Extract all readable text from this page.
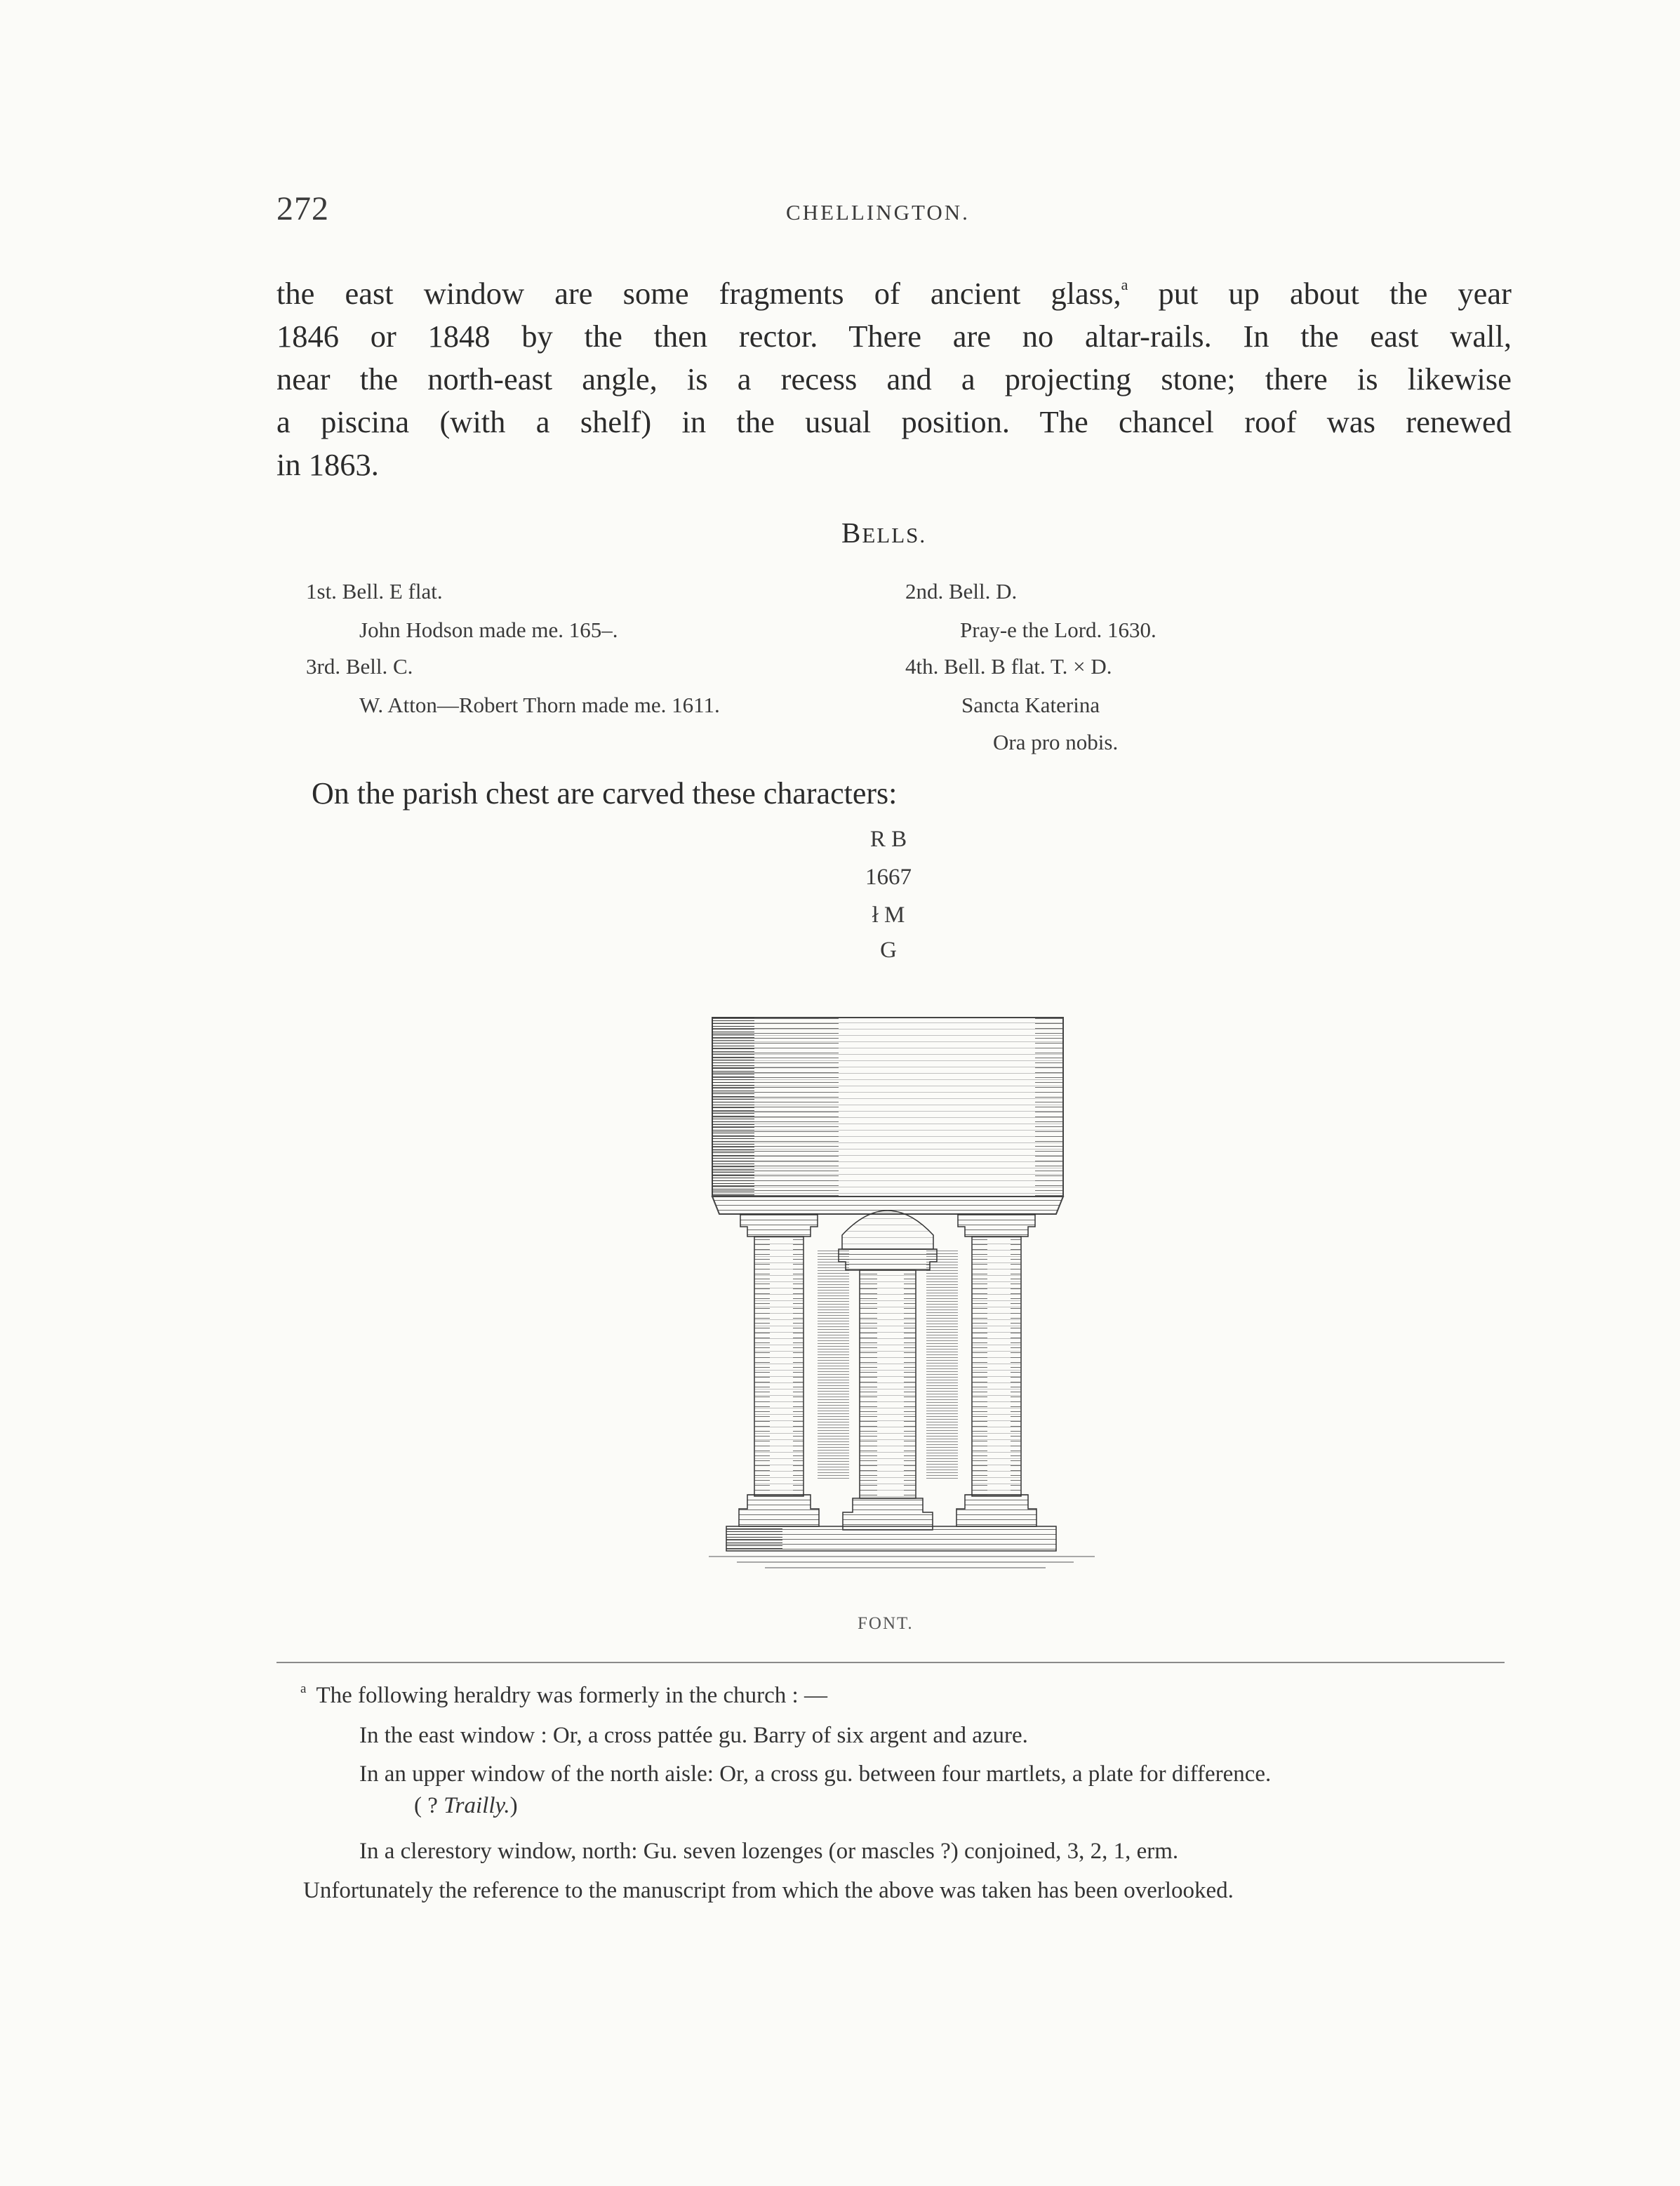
272	CHELLINGTON.
the east window are some fragments of ancient glass,$^a$ put up about the year
1846 or 1848 by the then rector. There are no altar-rails. In the east wall,
near the north-east angle, is a recess and a projecting stone; there is likewise
a piscina (with a shelf) in the usual position. The chancel roof was renewed
in 1863.
BELLS.
1st. Bell. E flat.
John Hodson made me. 165–.
3rd. Bell. C.
W. Atton—Robert Thorn made me. 1611.
2nd. Bell. D.
Pray-e the Lord. 1630.
4th. Bell. B flat. T. × D.
Sancta Katerina
Ora pro nobis.
On the parish chest are carved these characters:
R B
1667
ł M
G
FONT.
$^a$ The following heraldry was formerly in the church : —
In the east window : Or, a cross pattée gu. Barry of six argent and azure.
In an upper window of the north aisle: Or, a cross gu. between four martlets, a plate for difference.
( ? Trailly.)
In a clerestory window, north: Gu. seven lozenges (or mascles ?) conjoined, 3, 2, 1, erm.
Unfortunately the reference to the manuscript from which the above was taken has been overlooked.
